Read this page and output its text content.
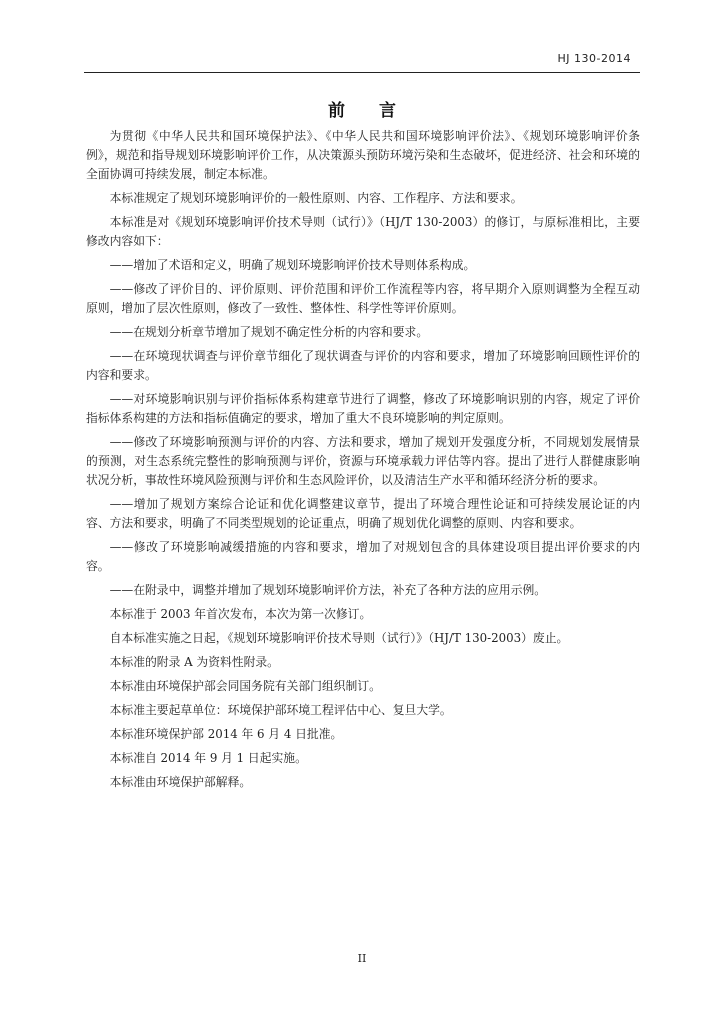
HJ 130-2014
前 言

为贯彻《中华人民共和国环境保护法》、《中华人民共和国环境影响评价法》、《规划环境影响评价条例》，规范和指导规划环境影响评价工作，从决策源头预防环境污染和生态破坏，促进经济、社会和环境的全面协调可持续发展，制定本标准。

本标准规定了规划环境影响评价的一般性原则、内容、工作程序、方法和要求。

本标准是对《规划环境影响评价技术导则（试行）》（HJ/T 130-2003）的修订，与原标准相比，主要修改内容如下：

——增加了术语和定义，明确了规划环境影响评价技术导则体系构成。

——修改了评价目的、评价原则、评价范围和评价工作流程等内容，将早期介入原则调整为全程互动原则，增加了层次性原则，修改了一致性、整体性、科学性等评价原则。

——在规划分析章节增加了规划不确定性分析的内容和要求。

——在环境现状调查与评价章节细化了现状调查与评价的内容和要求，增加了环境影响回顾性评价的内容和要求。

——对环境影响识别与评价指标体系构建章节进行了调整，修改了环境影响识别的内容，规定了评价指标体系构建的方法和指标值确定的要求，增加了重大不良环境影响的判定原则。

——修改了环境影响预测与评价的内容、方法和要求，增加了规划开发强度分析，不同规划发展情景的预测，对生态系统完整性的影响预测与评价，资源与环境承载力评估等内容。提出了进行人群健康影响状况分析，事故性环境风险预测与评价和生态风险评价，以及清洁生产水平和循环经济分析的要求。

——增加了规划方案综合论证和优化调整建议章节，提出了环境合理性论证和可持续发展论证的内容、方法和要求，明确了不同类型规划的论证重点，明确了规划优化调整的原则、内容和要求。

——修改了环境影响减缓措施的内容和要求，增加了对规划包含的具体建设项目提出评价要求的内容。

——在附录中，调整并增加了规划环境影响评价方法，补充了各种方法的应用示例。

本标准于 2003 年首次发布，本次为第一次修订。

自本标准实施之日起，《规划环境影响评价技术导则（试行）》（HJ/T 130-2003）废止。

本标准的附录 A 为资料性附录。

本标准由环境保护部会同国务院有关部门组织制订。

本标准主要起草单位：环境保护部环境工程评估中心、复旦大学。

本标准环境保护部 2014 年 6 月 4 日批准。

本标准自 2014 年 9 月 1 日起实施。

本标准由环境保护部解释。

II
